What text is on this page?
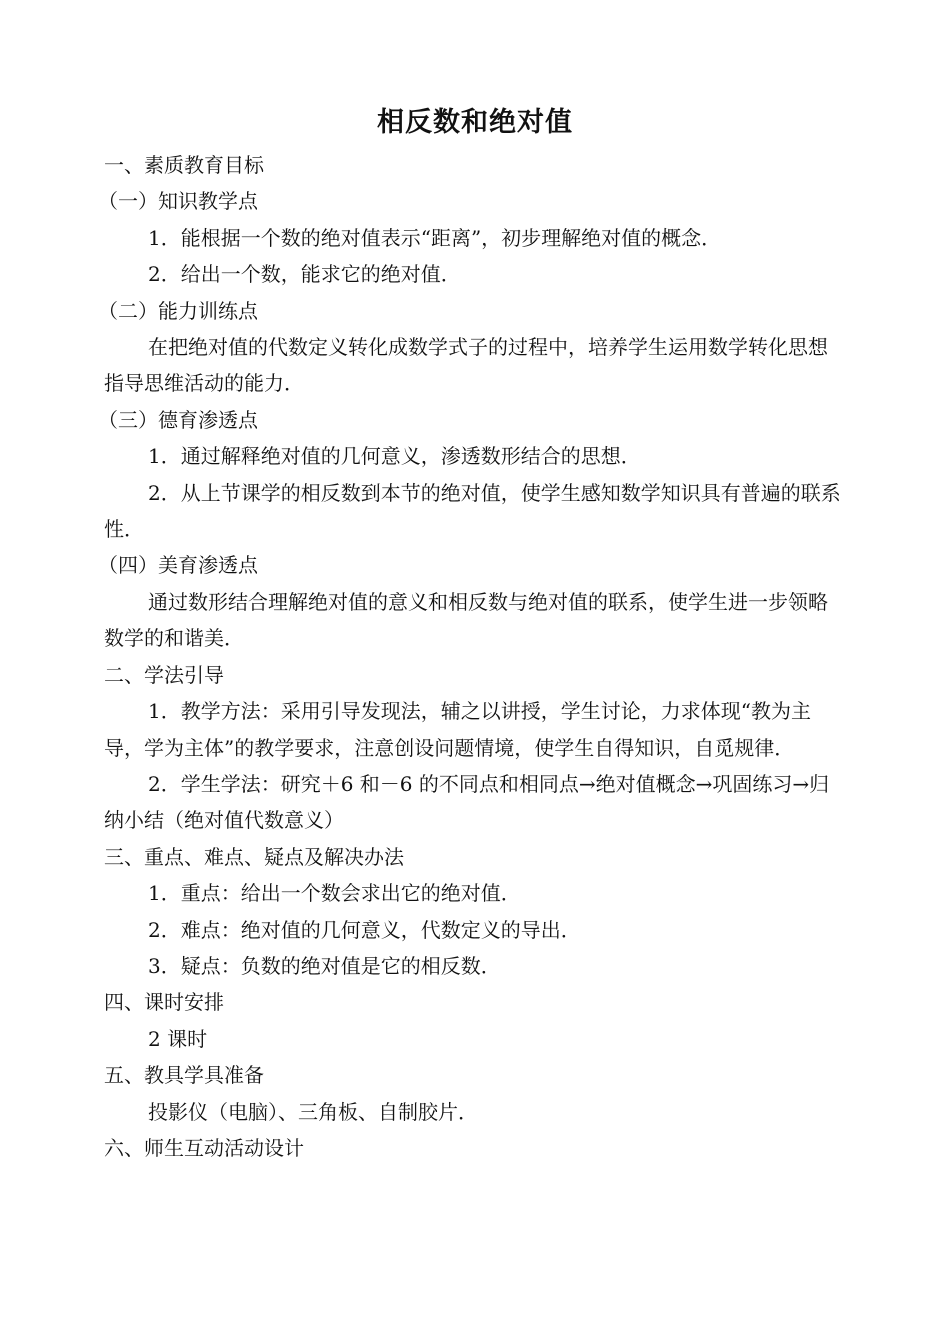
相反数和绝对值

一、素质教育目标

（一）知识教学点

1．能根据一个数的绝对值表示“距离”，初步理解绝对值的概念．

2．给出一个数，能求它的绝对值．

（二）能力训练点

在把绝对值的代数定义转化成数学式子的过程中，培养学生运用数学转化思想指导思维活动的能力．

（三）德育渗透点

1．通过解释绝对值的几何意义，渗透数形结合的思想．

2．从上节课学的相反数到本节的绝对值，使学生感知数学知识具有普遍的联系性．

（四）美育渗透点

通过数形结合理解绝对值的意义和相反数与绝对值的联系，使学生进一步领略数学的和谐美．

二、学法引导

1．教学方法：采用引导发现法，辅之以讲授，学生讨论，力求体现“教为主导，学为主体”的教学要求，注意创设问题情境，使学生自得知识，自觅规律．

2．学生学法：研究＋6 和－6 的不同点和相同点→绝对值概念→巩固练习→归纳小结（绝对值代数意义）

三、重点、难点、疑点及解决办法

1．重点：给出一个数会求出它的绝对值．

2．难点：绝对值的几何意义，代数定义的导出．

3．疑点：负数的绝对值是它的相反数．

四、课时安排

2 课时

五、教具学具准备

投影仪（电脑）、三角板、自制胶片．

六、师生互动活动设计
